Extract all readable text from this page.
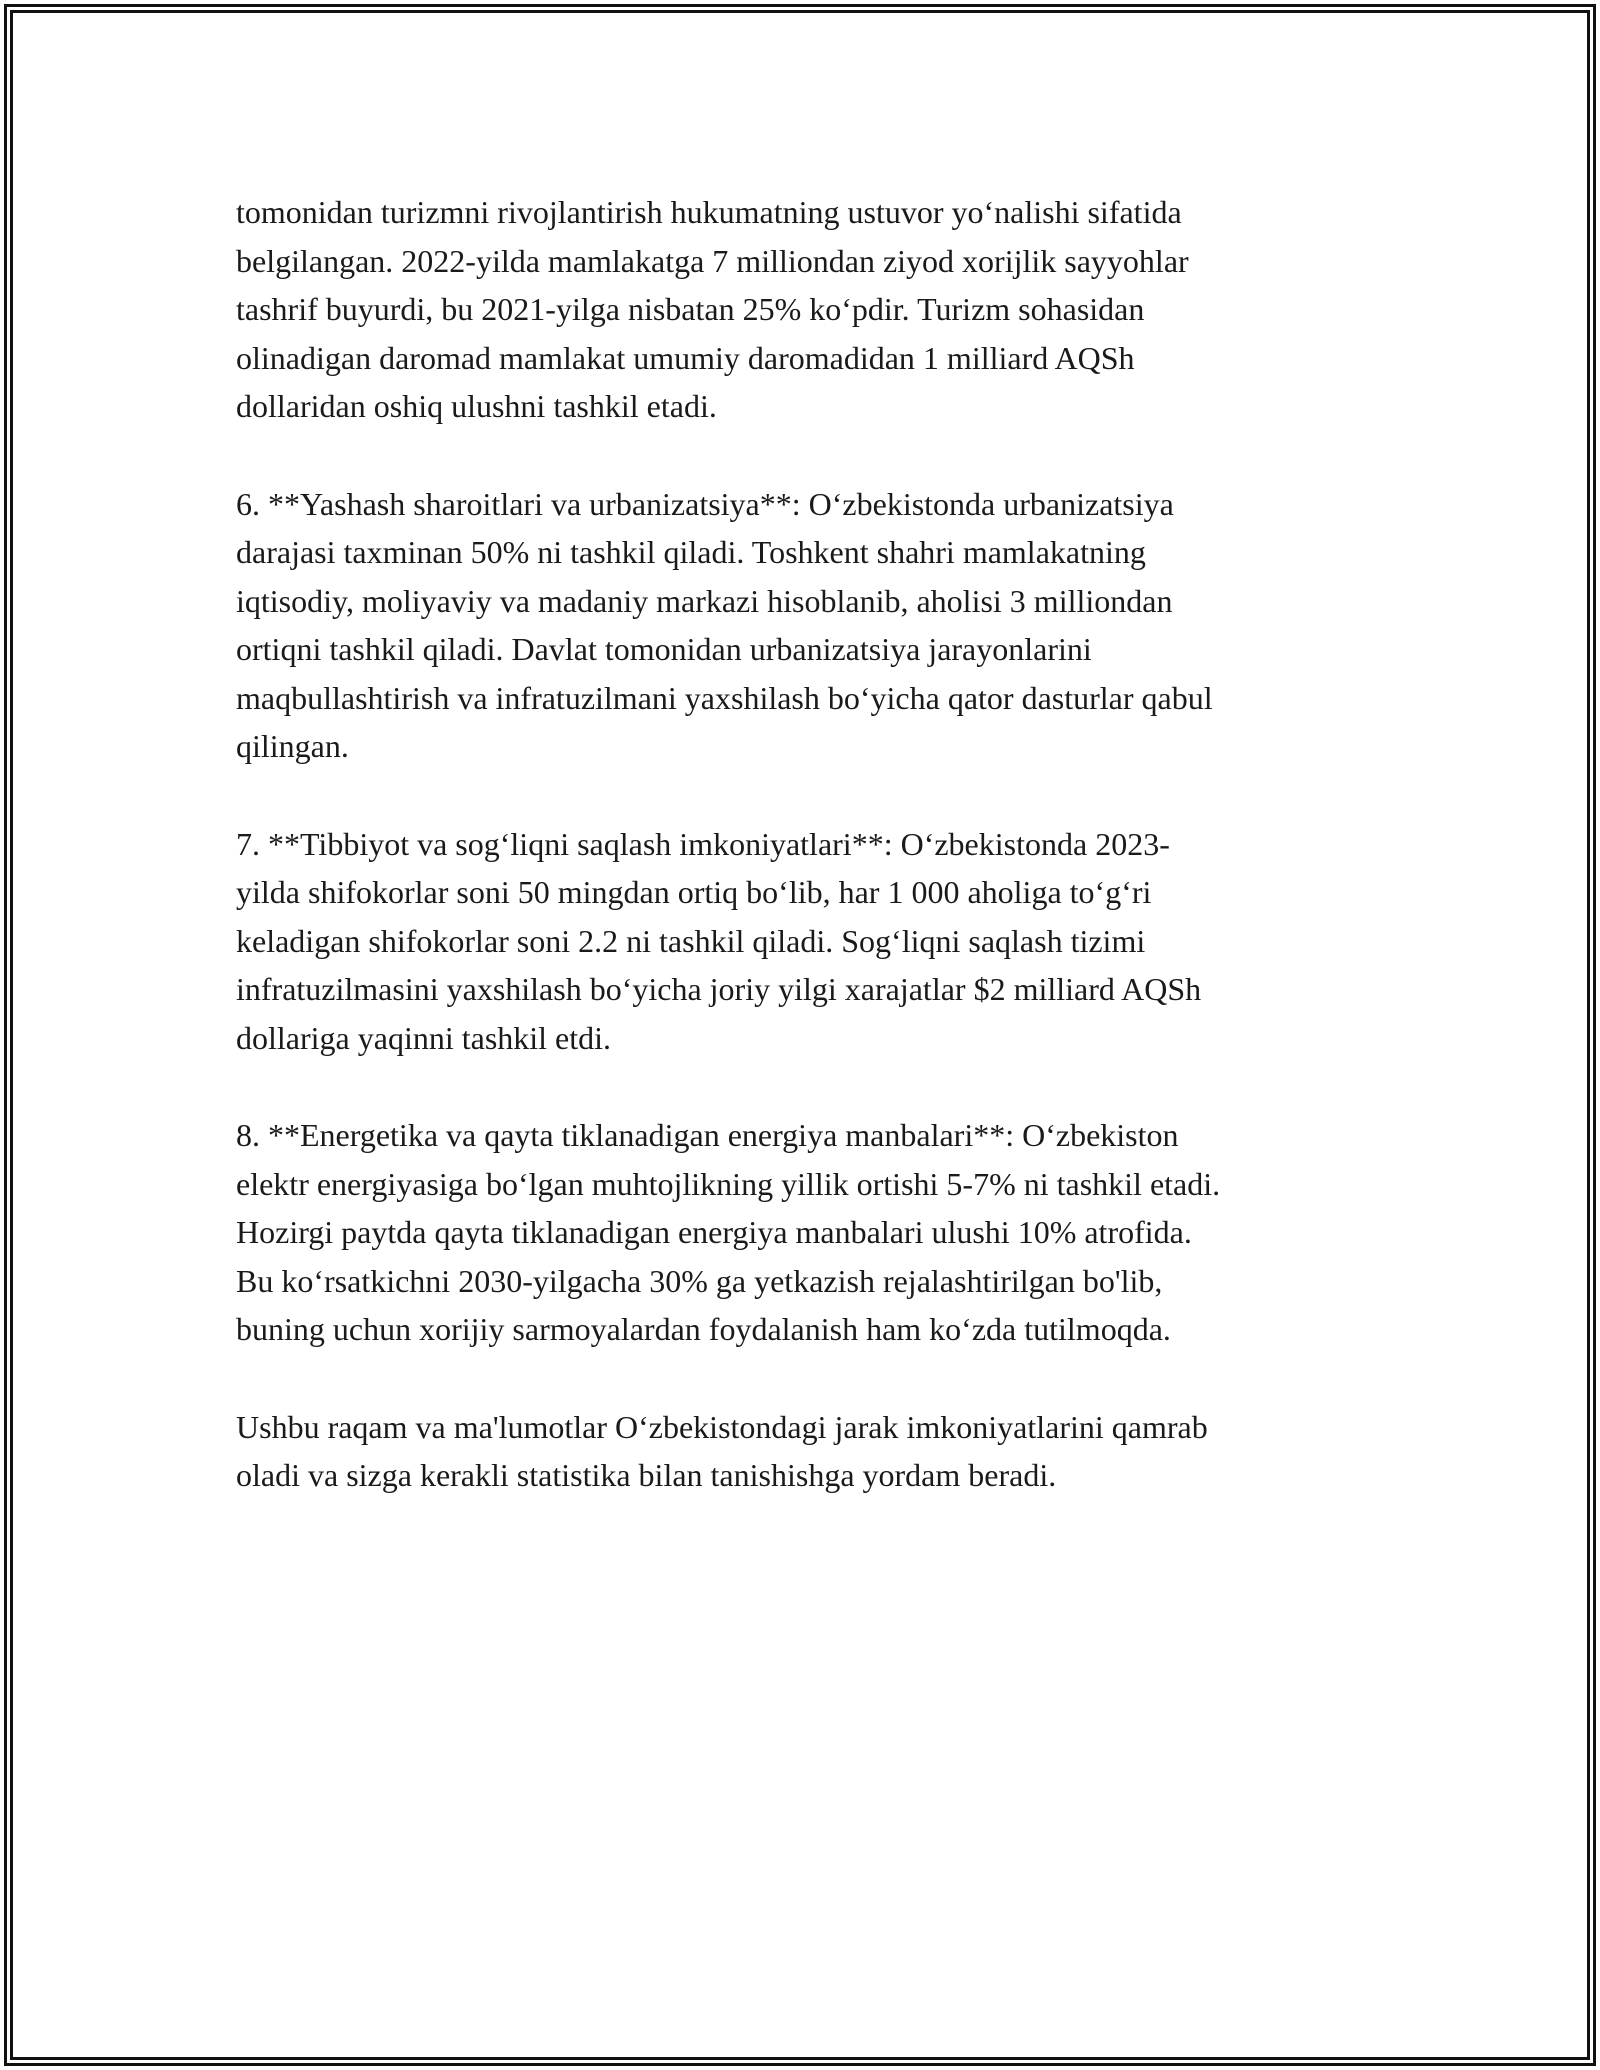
tomonidan turizmni rivojlantirish hukumatning ustuvor yo‘nalishi sifatida
belgilangan. 2022-yilda mamlakatga 7 milliondan ziyod xorijlik sayyohlar
tashrif buyurdi, bu 2021-yilga nisbatan 25% ko‘pdir. Turizm sohasidan
olinadigan daromad mamlakat umumiy daromadidan 1 milliard AQSh
dollaridan oshiq ulushni tashkil etadi.

6. **Yashash sharoitlari va urbanizatsiya**: O‘zbekistonda urbanizatsiya
darajasi taxminan 50% ni tashkil qiladi. Toshkent shahri mamlakatning
iqtisodiy, moliyaviy va madaniy markazi hisoblanib, aholisi 3 milliondan
ortiqni tashkil qiladi. Davlat tomonidan urbanizatsiya jarayonlarini
maqbullashtirish va infratuzilmani yaxshilash bo‘yicha qator dasturlar qabul
qilingan.

7. **Tibbiyot va sog‘liqni saqlash imkoniyatlari**: O‘zbekistonda 2023-
yilda shifokorlar soni 50 mingdan ortiq bo‘lib, har 1 000 aholiga to‘g‘ri
keladigan shifokorlar soni 2.2 ni tashkil qiladi. Sog‘liqni saqlash tizimi
infratuzilmasini yaxshilash bo‘yicha joriy yilgi xarajatlar $2 milliard AQSh
dollariga yaqinni tashkil etdi.

8. **Energetika va qayta tiklanadigan energiya manbalari**: O‘zbekiston
elektr energiyasiga bo‘lgan muhtojlikning yillik ortishi 5-7% ni tashkil etadi.
Hozirgi paytda qayta tiklanadigan energiya manbalari ulushi 10% atrofida.
Bu ko‘rsatkichni 2030-yilgacha 30% ga yetkazish rejalashtirilgan bo'lib,
buning uchun xorijiy sarmoyalardan foydalanish ham ko‘zda tutilmoqda.

Ushbu raqam va ma'lumotlar O‘zbekistondagi jarak imkoniyatlarini qamrab
oladi va sizga kerakli statistika bilan tanishishga yordam beradi.
